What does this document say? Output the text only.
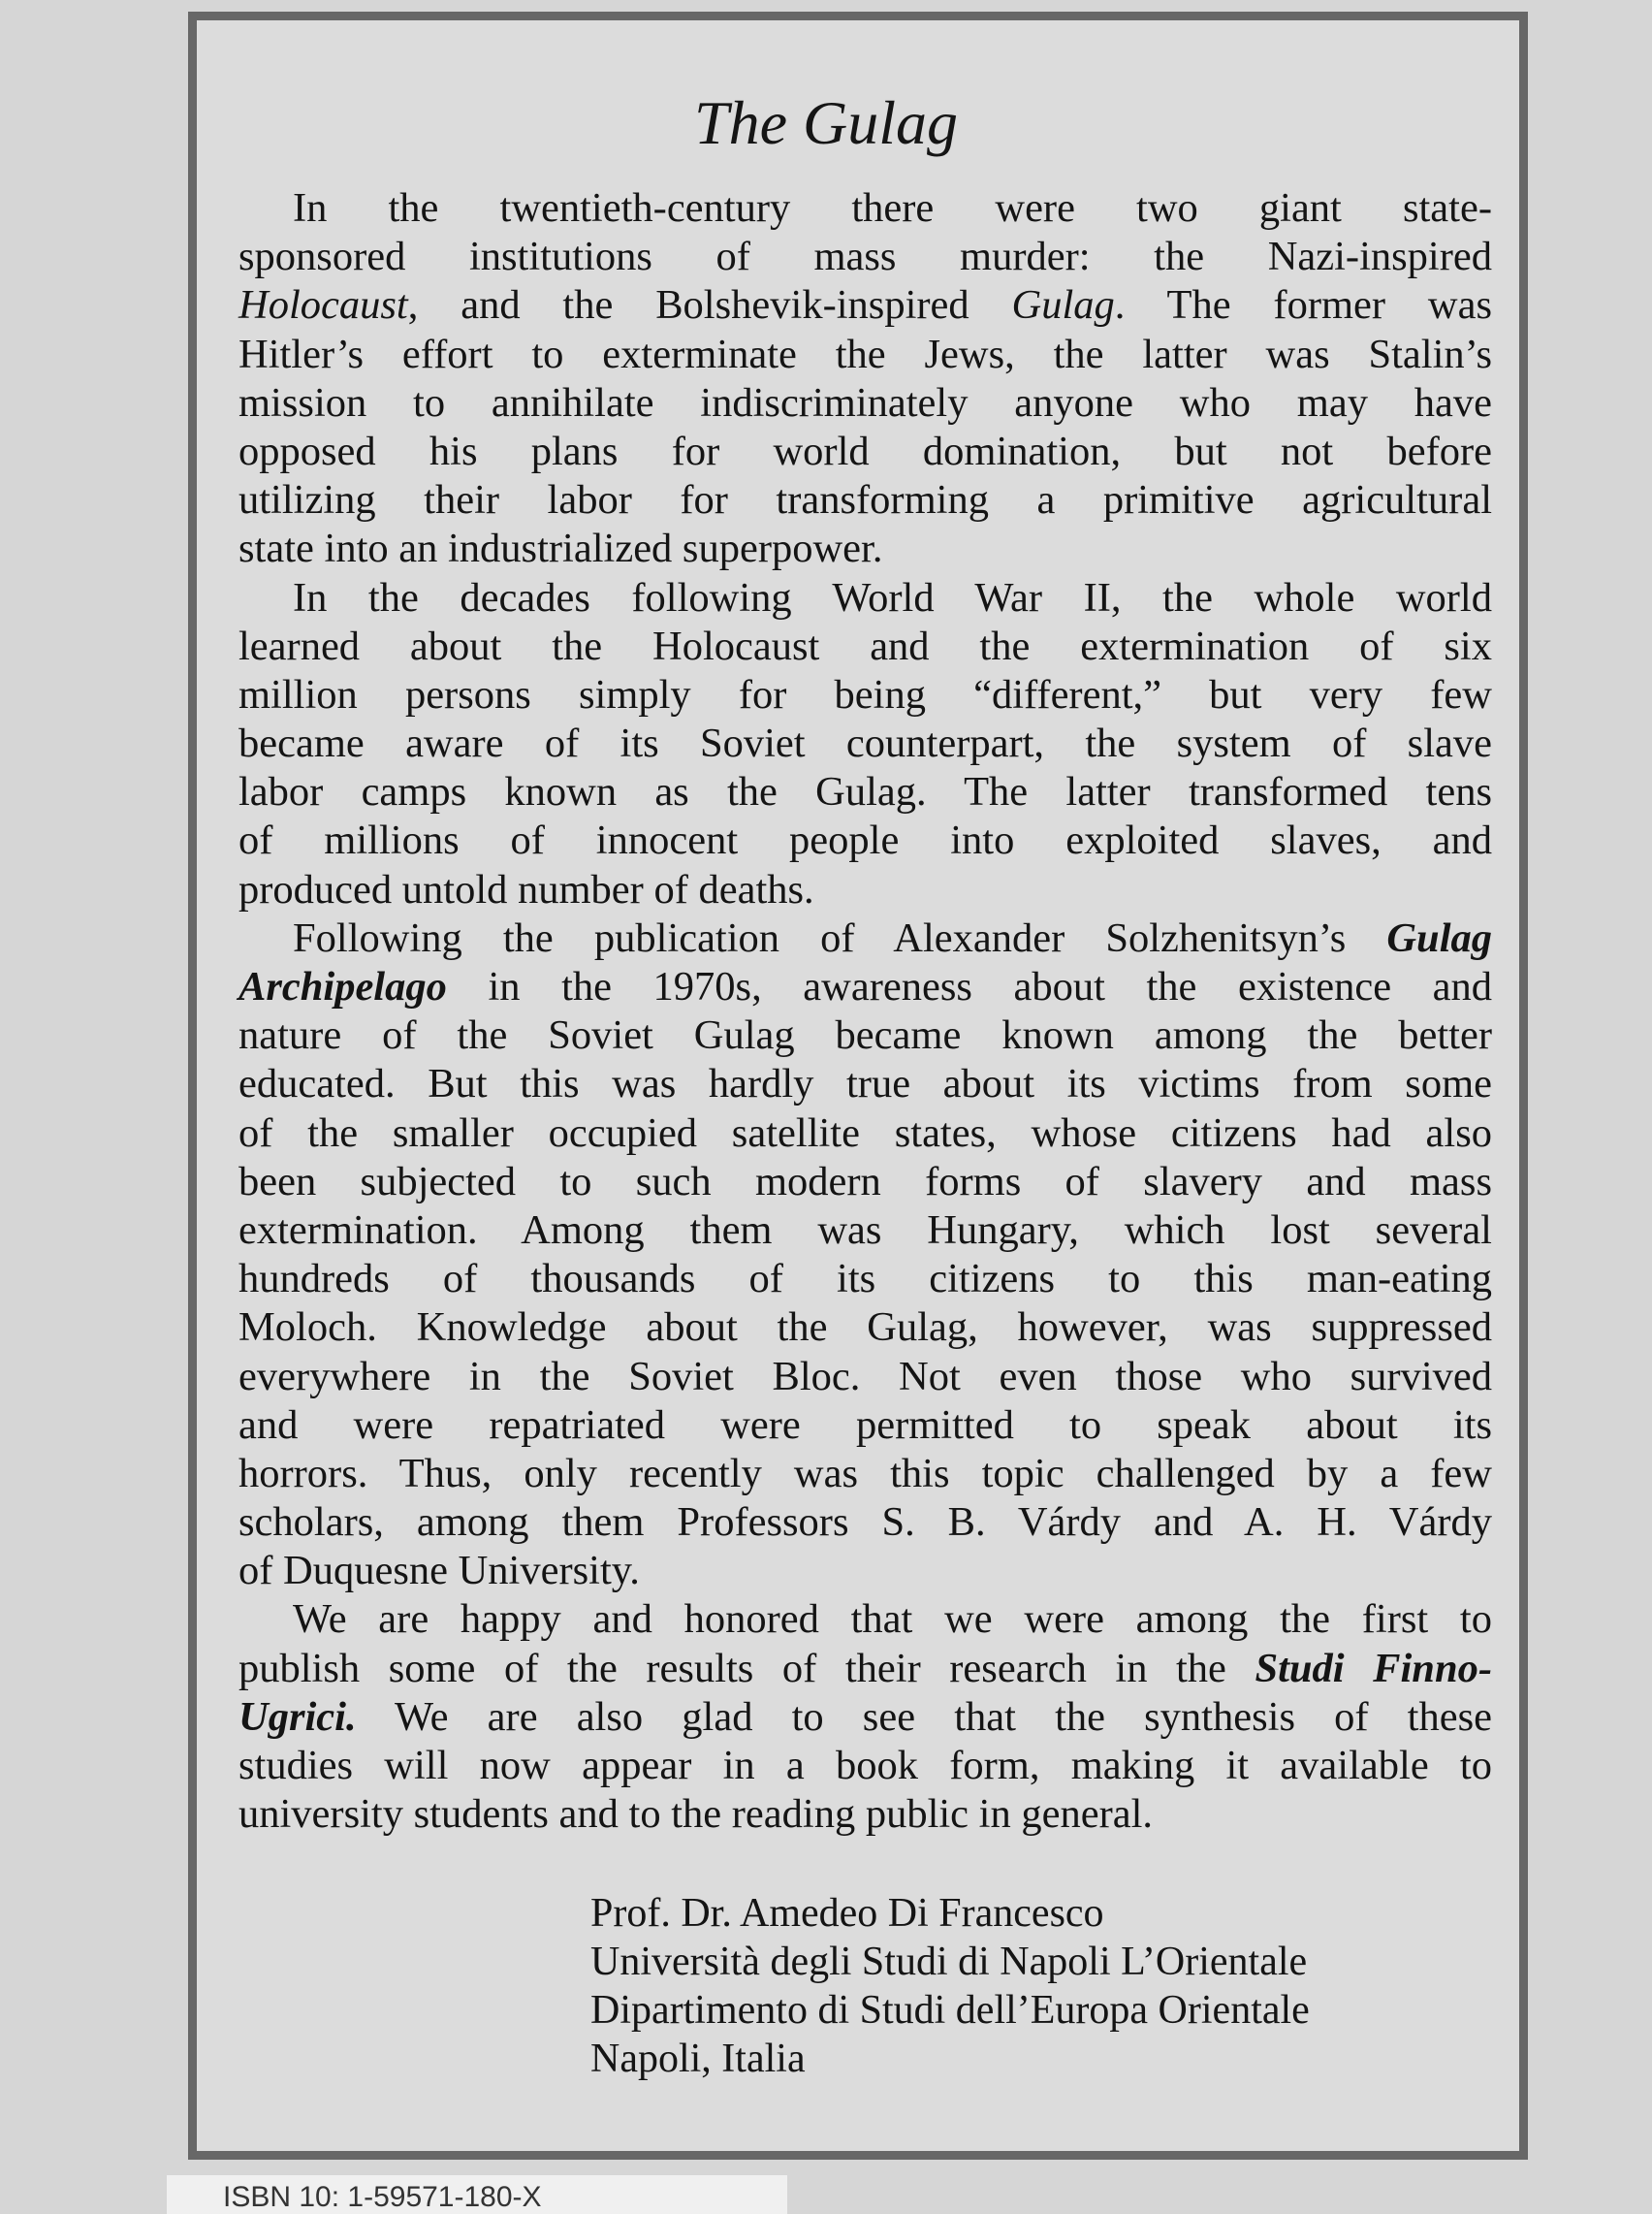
The Gulag
In the twentieth-century there were two giant state-
sponsored institutions of mass murder: the Nazi-inspired
Holocaust, and the Bolshevik-inspired Gulag. The former was
Hitler’s effort to exterminate the Jews, the latter was Stalin’s
mission to annihilate indiscriminately anyone who may have
opposed his plans for world domination, but not before
utilizing their labor for transforming a primitive agricultural
state into an industrialized superpower.
In the decades following World War II, the whole world
learned about the Holocaust and the extermination of six
million persons simply for being “different,” but very few
became aware of its Soviet counterpart, the system of slave
labor camps known as the Gulag. The latter transformed tens
of millions of innocent people into exploited slaves, and
produced untold number of deaths.
Following the publication of Alexander Solzhenitsyn’s Gulag
Archipelago in the 1970s, awareness about the existence and
nature of the Soviet Gulag became known among the better
educated. But this was hardly true about its victims from some
of the smaller occupied satellite states, whose citizens had also
been subjected to such modern forms of slavery and mass
extermination. Among them was Hungary, which lost several
hundreds of thousands of its citizens to this man-eating
Moloch. Knowledge about the Gulag, however, was suppressed
everywhere in the Soviet Bloc. Not even those who survived
and were repatriated were permitted to speak about its
horrors. Thus, only recently was this topic challenged by a few
scholars, among them Professors S. B. Várdy and A. H. Várdy
of Duquesne University.
We are happy and honored that we were among the first to
publish some of the results of their research in the Studi Finno-
Ugrici. We are also glad to see that the synthesis of these
studies will now appear in a book form, making it available to
university students and to the reading public in general.
Prof. Dr. Amedeo Di Francesco
Università degli Studi di Napoli L’Orientale
Dipartimento di Studi dell’Europa Orientale
Napoli, Italia
ISBN 10: 1-59571-180-X
